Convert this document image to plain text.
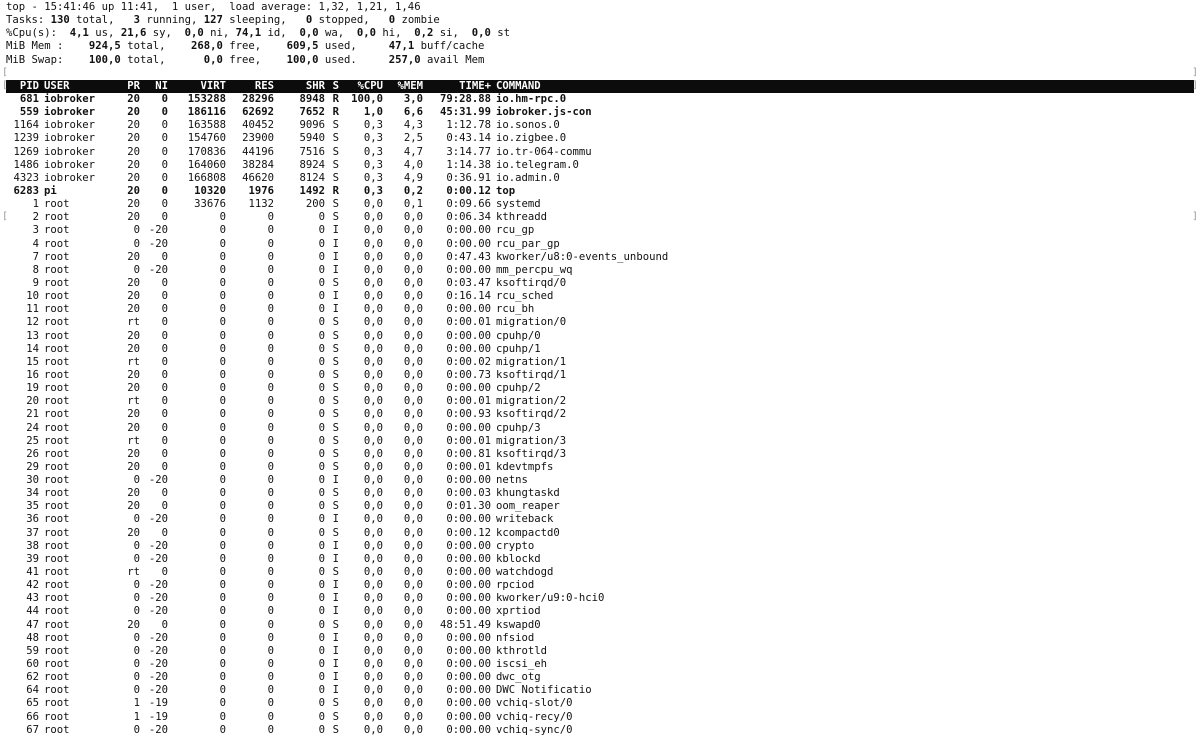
top - 15:41:46 up 11:41,  1 user,  load average: 1,32, 1,21, 1,46
Tasks: 130 total,   3 running, 127 sleeping,   0 stopped,   0 zombie
%Cpu(s):  4,1 us, 21,6 sy,  0,0 ni, 74,1 id,  0,0 wa,  0,0 hi,  0,2 si,  0,0 st
MiB Mem :    924,5 total,    268,0 free,    609,5 used,     47,1 buff/cache
MiB Swap:    100,0 total,      0,0 free,    100,0 used.     257,0 avail Mem
PID USER	PR NI	VIRT	RES	SHR S %CPU %MEM	TIME+ COMMAND
681 iobroker	20 0 153288 28296 8948 R 100,0 3,0 79:28.88 io.hm-rpc.0
559 iobroker	20 0 186116 62692 7652 R 1,0 6,6 45:31.99 iobroker.js-con
1164 iobroker	20 0 163588 40452 9096 S 0,3 4,3 1:12.78 io.sonos.0
1239 iobroker	20 0 154760 23900 5940 S 0,3 2,5 0:43.14 io.zigbee.0
1269 iobroker	20 0 170836 44196 7516 S 0,3 4,7 3:14.77 io.tr-064-commu
1486 iobroker	20 0 164060 38284 8924 S 0,3 4,0 1:14.38 io.telegram.0
4323 iobroker	20 0 166808 46620 8124 S 0,3 4,9 0:36.91 io.admin.0
6283 pi	20 0 10320 1976 1492 R 0,3 0,2 0:00.12 top
1 root	20 0 33676 1132	200 S 0,0 0,1 0:09.66 systemd
2 root	20 0	0	0	0 S 0,0 0,0 0:06.34 kthreadd
3 root	0 -20	0	0	0 I 0,0 0,0 0:00.00 rcu_gp
4 root	0 -20	0	0	0 I 0,0 0,0 0:00.00 rcu_par_gp
7 root	20 0	0	0	0 I 0,0 0,0 0:47.43 kworker/u8:0-events_unbound
8 root	0 -20	0	0	0 I 0,0 0,0 0:00.00 mm_percpu_wq
9 root	20 0	0	0	0 S 0,0 0,0 0:03.47 ksoftirqd/0
10 root	20 0	0	0	0 I 0,0 0,0 0:16.14 rcu_sched
11 root	20 0	0	0	0 I 0,0 0,0 0:00.00 rcu_bh
12 root	rt 0	0	0	0 S 0,0 0,0 0:00.01 migration/0
13 root	20 0	0	0	0 S 0,0 0,0 0:00.00 cpuhp/0
14 root	20 0	0	0	0 S 0,0 0,0 0:00.00 cpuhp/1
15 root	rt 0	0	0	0 S 0,0 0,0 0:00.02 migration/1
16 root	20 0	0	0	0 S 0,0 0,0 0:00.73 ksoftirqd/1
19 root	20 0	0	0	0 S 0,0 0,0 0:00.00 cpuhp/2
20 root	rt 0	0	0	0 S 0,0 0,0 0:00.01 migration/2
21 root	20 0	0	0	0 S 0,0 0,0 0:00.93 ksoftirqd/2
24 root	20 0	0	0	0 S 0,0 0,0 0:00.00 cpuhp/3
25 root	rt 0	0	0	0 S 0,0 0,0 0:00.01 migration/3
26 root	20 0	0	0	0 S 0,0 0,0 0:00.81 ksoftirqd/3
29 root	20 0	0	0	0 S 0,0 0,0 0:00.01 kdevtmpfs
30 root	0 -20	0	0	0 I 0,0 0,0 0:00.00 netns
34 root	20 0	0	0	0 S 0,0 0,0 0:00.03 khungtaskd
35 root	20 0	0	0	0 S 0,0 0,0 0:01.30 oom_reaper
36 root	0 -20	0	0	0 I 0,0 0,0 0:00.00 writeback
37 root	20 0	0	0	0 S 0,0 0,0 0:00.12 kcompactd0
38 root	0 -20	0	0	0 I 0,0 0,0 0:00.00 crypto
39 root	0 -20	0	0	0 I 0,0 0,0 0:00.00 kblockd
41 root	rt 0	0	0	0 S 0,0 0,0 0:00.00 watchdogd
42 root	0 -20	0	0	0 I 0,0 0,0 0:00.00 rpciod
43 root	0 -20	0	0	0 I 0,0 0,0 0:00.00 kworker/u9:0-hci0
44 root	0 -20	0	0	0 I 0,0 0,0 0:00.00 xprtiod
47 root	20 0	0	0	0 S 0,0 0,0 48:51.49 kswapd0
48 root	0 -20	0	0	0 I 0,0 0,0 0:00.00 nfsiod
59 root	0 -20	0	0	0 I 0,0 0,0 0:00.00 kthrotld
60 root	0 -20	0	0	0 I 0,0 0,0 0:00.00 iscsi_eh
62 root	0 -20	0	0	0 I 0,0 0,0 0:00.00 dwc_otg
64 root	0 -20	0	0	0 I 0,0 0,0 0:00.00 DWC Notificatio
65 root	1 -19	0	0	0 S 0,0 0,0 0:00.00 vchiq-slot/0
66 root	1 -19	0	0	0 S 0,0 0,0 0:00.00 vchiq-recy/0
67 root	0 -20	0	0	0 S 0,0 0,0 0:00.00 vchiq-sync/0
[	]
[	]
[	]
